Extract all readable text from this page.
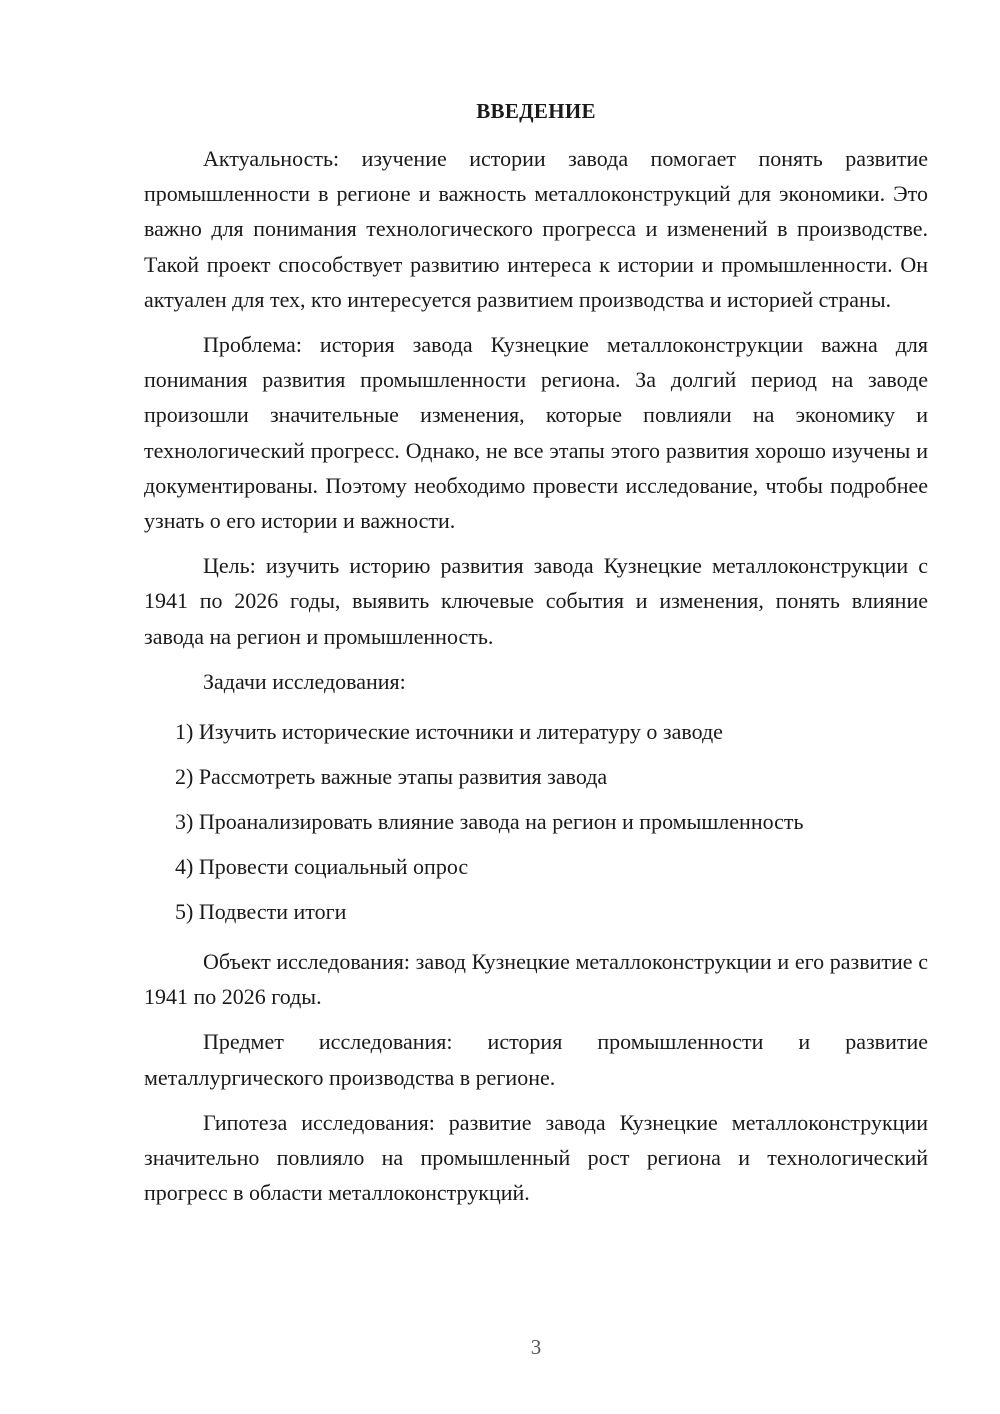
ВВЕДЕНИЕ

Актуальность: изучение истории завода помогает понять развитие промышленности в регионе и важность металлоконструкций для экономики. Это важно для понимания технологического прогресса и изменений в производстве. Такой проект способствует развитию интереса к истории и промышленности. Он актуален для тех, кто интересуется развитием производства и историей страны.

Проблема: история завода Кузнецкие металлоконструкции важна для понимания развития промышленности региона. За долгий период на заводе произошли значительные изменения, которые повлияли на экономику и технологический прогресс. Однако, не все этапы этого развития хорошо изучены и документированы. Поэтому необходимо провести исследование, чтобы подробнее узнать о его истории и важности.

Цель: изучить историю развития завода Кузнецкие металлоконструкции с 1941 по 2026 годы, выявить ключевые события и изменения, понять влияние завода на регион и промышленность.

Задачи исследования:

1) Изучить исторические источники и литературу о заводе
2) Рассмотреть важные этапы развития завода
3) Проанализировать влияние завода на регион и промышленность
4) Провести социальный опрос
5) Подвести итоги

Объект исследования: завод Кузнецкие металлоконструкции и его развитие с 1941 по 2026 годы.

Предмет исследования: история промышленности и развитие металлургического производства в регионе.

Гипотеза исследования: развитие завода Кузнецкие металлоконструкции значительно повлияло на промышленный рост региона и технологический прогресс в области металлоконструкций.

3
